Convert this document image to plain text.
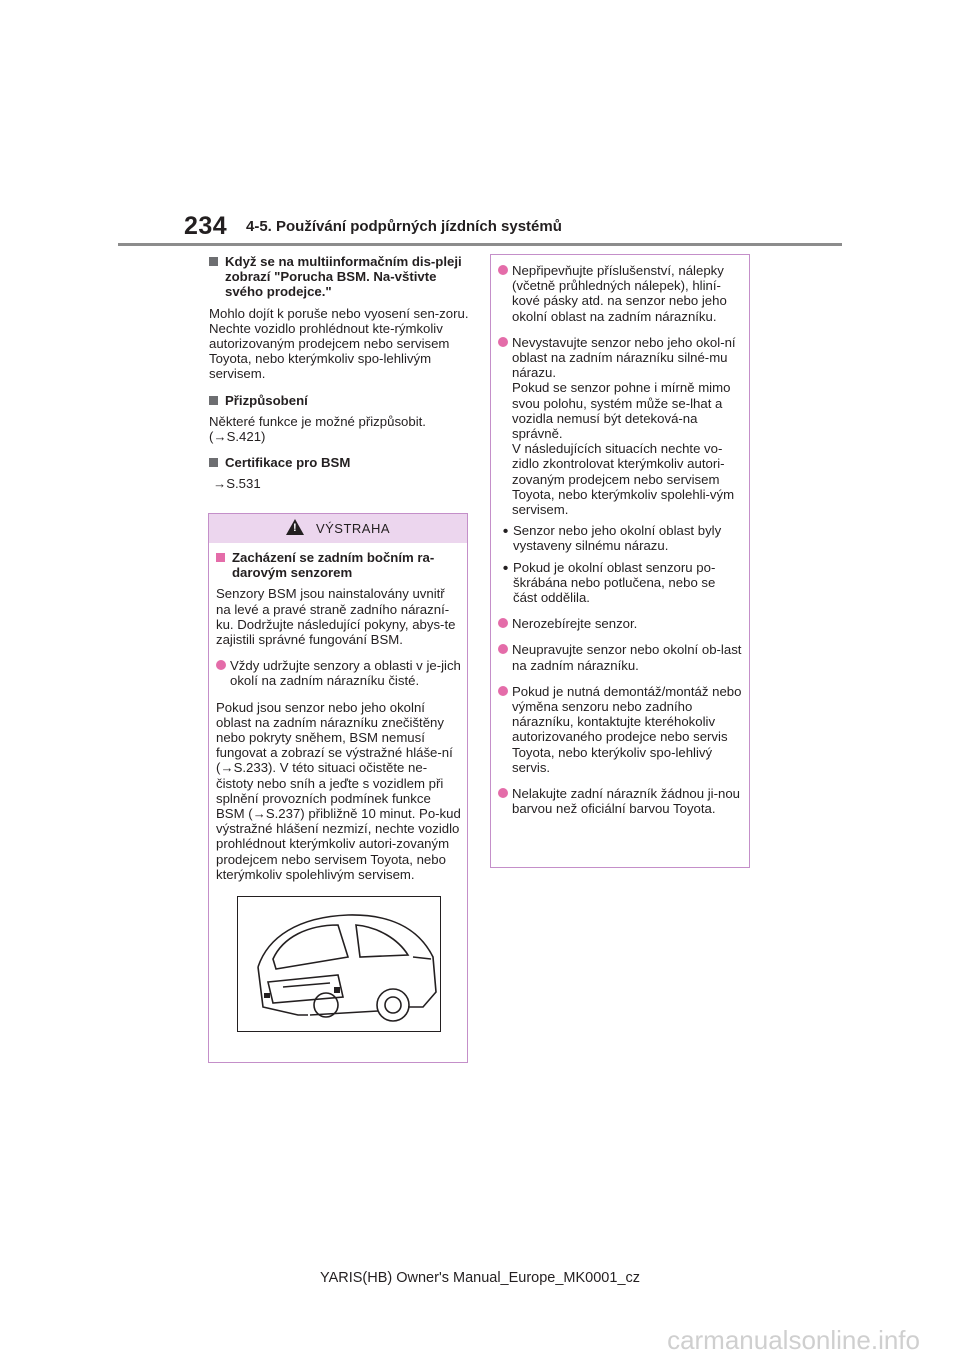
234 4-5. Používání podpůrných jízdních systémů
Když se na multiinformačním dis-pleji zobrazí "Porucha BSM. Na-vštivte svého prodejce."

Mohlo dojít k poruše nebo vyosení sen-zoru. Nechte vozidlo prohlédnout kte-rýmkoliv autorizovaným prodejcem nebo servisem Toyota, nebo kterýmkoliv spo-lehlivým servisem.

Přizpůsobení

Některé funkce je možné přizpůsobit. (→S.421)

Certifikace pro BSM

→S.531

! VÝSTRAHA
Zacházení se zadním bočním ra-darovým senzorem

Senzory BSM jsou nainstalovány uvnitř na levé a pravé straně zadního nárazní-ku. Dodržujte následující pokyny, abys-te zajistili správné fungování BSM.

Vždy udržujte senzory a oblasti v je-jich okolí na zadním nárazníku čisté.

Pokud jsou senzor nebo jeho okolní oblast na zadním nárazníku znečištěny nebo pokryty sněhem, BSM nemusí fungovat a zobrazí se výstražné hláše-ní (→S.233). V této situaci očistěte ne-čistoty nebo sníh a jeďte s vozidlem při splnění provozních podmínek funkce BSM (→S.237) přibližně 10 minut. Po-kud výstražné hlášení nezmizí, nechte vozidlo prohlédnout kterýmkoliv autori-zovaným prodejcem nebo servisem Toyota, nebo kterýmkoliv spolehlivým servisem.

Nepřipevňujte příslušenství, nálepky (včetně průhledných nálepek), hliní-kové pásky atd. na senzor nebo jeho okolní oblast na zadním nárazníku.

Nevystavujte senzor nebo jeho okol-ní oblast na zadním nárazníku silné-mu nárazu.

Pokud se senzor pohne i mírně mimo svou polohu, systém může se-lhat a vozidla nemusí být deteková-na správně.

V následujících situacích nechte vo-zidlo zkontrolovat kterýmkoliv autori-zovaným prodejcem nebo servisem Toyota, nebo kterýmkoliv spolehli-vým servisem.

• Senzor nebo jeho okolní oblast byly vystaveny silnému nárazu.

• Pokud je okolní oblast senzoru po-škrábána nebo potlučena, nebo se část oddělila.

Nerozebírejte senzor.

Neupravujte senzor nebo okolní ob-last na zadním nárazníku.

Pokud je nutná demontáž/montáž nebo výměna senzoru nebo zadního nárazníku, kontaktujte kteréhokoliv autorizovaného prodejce nebo servis Toyota, nebo kterýkoliv spo-lehlivý servis.

Nelakujte zadní nárazník žádnou ji-nou barvou než oficiální barvou Toyota.

YARIS(HB) Owner's Manual_Europe_MK0001_cz
carmanualsonline.info
